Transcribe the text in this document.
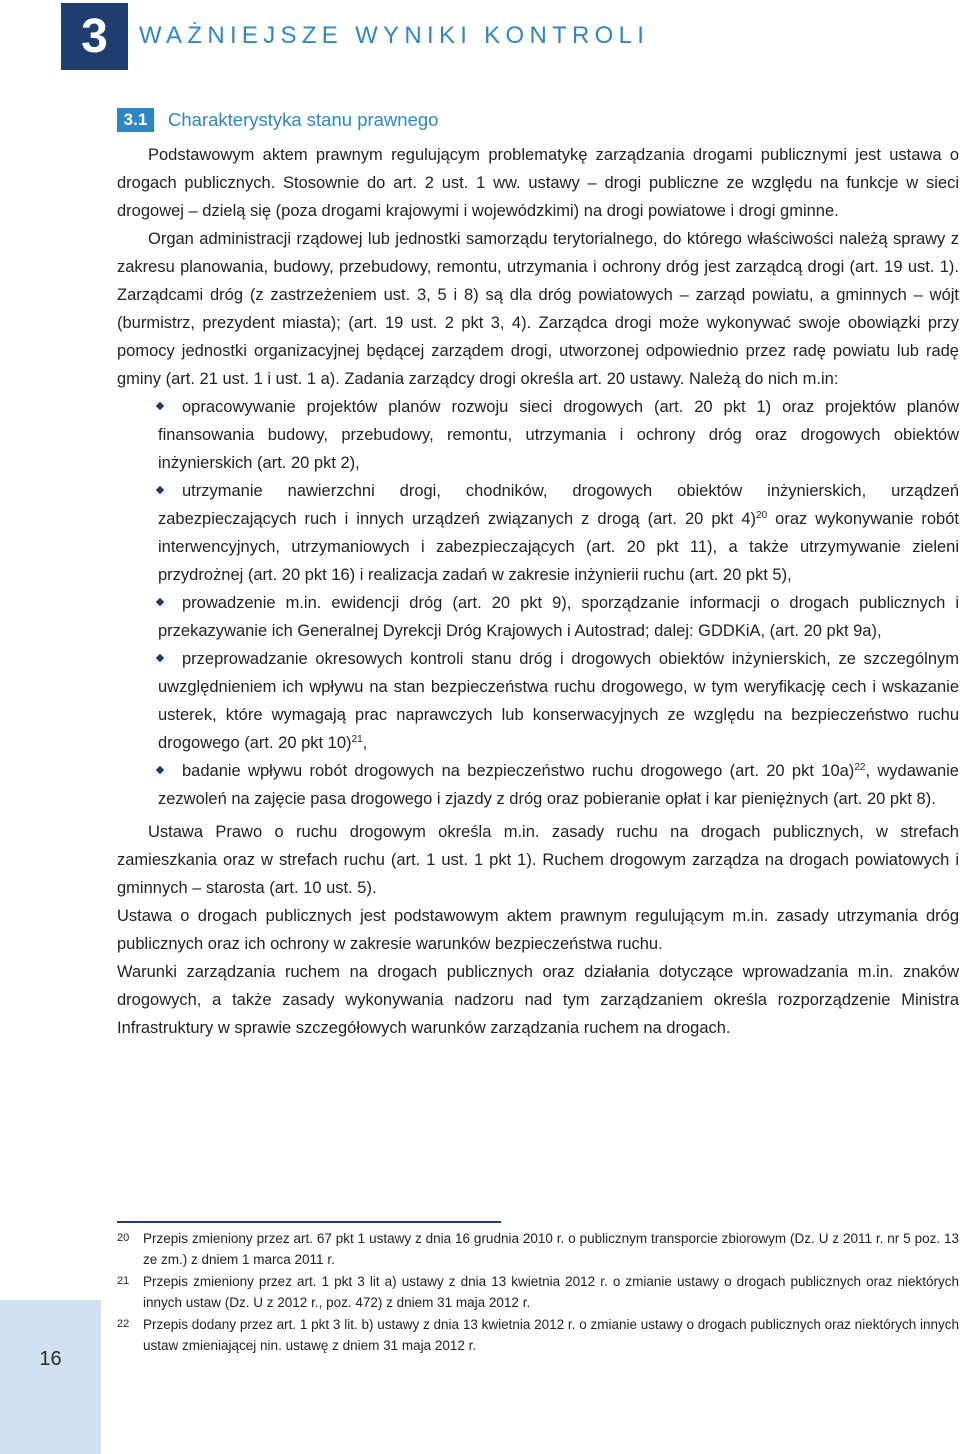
3	WAŻNIEJSZE WYNIKI KONTROLI
3.1	Charakterystyka stanu prawnego

Podstawowym aktem prawnym regulującym problematykę zarządzania drogami publicznymi jest ustawa o drogach publicznych. Stosownie do art. 2 ust. 1 ww. ustawy – drogi publiczne ze względu na funkcje w sieci drogowej – dzielą się (poza drogami krajowymi i wojewódzkimi) na drogi powiatowe i drogi gminne.

Organ administracji rządowej lub jednostki samorządu terytorialnego, do którego właściwości należą sprawy z zakresu planowania, budowy, przebudowy, remontu, utrzymania i ochrony dróg jest zarządcą drogi (art. 19 ust. 1). Zarządcami dróg (z zastrzeżeniem ust. 3, 5 i 8) są dla dróg powiatowych – zarząd powiatu, a gminnych – wójt (burmistrz, prezydent miasta); (art. 19 ust. 2 pkt 3, 4). Zarządca drogi może wykonywać swoje obowiązki przy pomocy jednostki organizacyjnej będącej zarządem drogi, utworzonej odpowiednio przez radę powiatu lub radę gminy (art. 21 ust. 1 i ust. 1 a). Zadania zarządcy drogi określa art. 20 ustawy. Należą do nich m.in:

opracowywanie projektów planów rozwoju sieci drogowych (art. 20 pkt 1) oraz projektów planów finansowania budowy, przebudowy, remontu, utrzymania i ochrony dróg oraz drogowych obiektów inżynierskich (art. 20 pkt 2),
utrzymanie nawierzchni drogi, chodników, drogowych obiektów inżynierskich, urządzeń zabezpieczających ruch i innych urządzeń związanych z drogą (art. 20 pkt 4)$^{20}$ oraz wykonywanie robót interwencyjnych, utrzymaniowych i zabezpieczających (art. 20 pkt 11), a także utrzymywanie zieleni przydrożnej (art. 20 pkt 16) i realizacja zadań w zakresie inżynierii ruchu (art. 20 pkt 5),
prowadzenie m.in. ewidencji dróg (art. 20 pkt 9), sporządzanie informacji o drogach publicznych i przekazywanie ich Generalnej Dyrekcji Dróg Krajowych i Autostrad; dalej: GDDKiA, (art. 20 pkt 9a),
przeprowadzanie okresowych kontroli stanu dróg i drogowych obiektów inżynierskich, ze szczególnym uwzględnieniem ich wpływu na stan bezpieczeństwa ruchu drogowego, w tym weryfikację cech i wskazanie usterek, które wymagają prac naprawczych lub konserwacyjnych ze względu na bezpieczeństwo ruchu drogowego (art. 20 pkt 10)$^{21}$,
badanie wpływu robót drogowych na bezpieczeństwo ruchu drogowego (art. 20 pkt 10a)$^{22}$, wydawanie zezwoleń na zajęcie pasa drogowego i zjazdy z dróg oraz pobieranie opłat i kar pieniężnych (art. 20 pkt 8).

Ustawa Prawo o ruchu drogowym określa m.in. zasady ruchu na drogach publicznych, w strefach zamieszkania oraz w strefach ruchu (art. 1 ust. 1 pkt 1). Ruchem drogowym zarządza na drogach powiatowych i gminnych – starosta (art. 10 ust. 5).

Ustawa o drogach publicznych jest podstawowym aktem prawnym regulującym m.in. zasady utrzymania dróg publicznych oraz ich ochrony w zakresie warunków bezpieczeństwa ruchu.

Warunki zarządzania ruchem na drogach publicznych oraz działania dotyczące wprowadzania m.in. znaków drogowych, a także zasady wykonywania nadzoru nad tym zarządzaniem określa rozporządzenie Ministra Infrastruktury w sprawie szczegółowych warunków zarządzania ruchem na drogach.

20 Przepis zmieniony przez art. 67 pkt 1 ustawy z dnia 16 grudnia 2010 r. o publicznym transporcie zbiorowym (Dz. U z 2011 r. nr 5 poz. 13 ze zm.) z dniem 1 marca 2011 r.
21 Przepis zmieniony przez art. 1 pkt 3 lit a) ustawy z dnia 13 kwietnia 2012 r. o zmianie ustawy o drogach publicznych oraz niektórych innych ustaw (Dz. U z 2012 r., poz. 472) z dniem 31 maja 2012 r.
22 Przepis dodany przez art. 1 pkt 3 lit. b) ustawy z dnia 13 kwietnia 2012 r. o zmianie ustawy o drogach publicznych oraz niektórych innych ustaw zmieniającej nin. ustawę z dniem 31 maja 2012 r.
16
